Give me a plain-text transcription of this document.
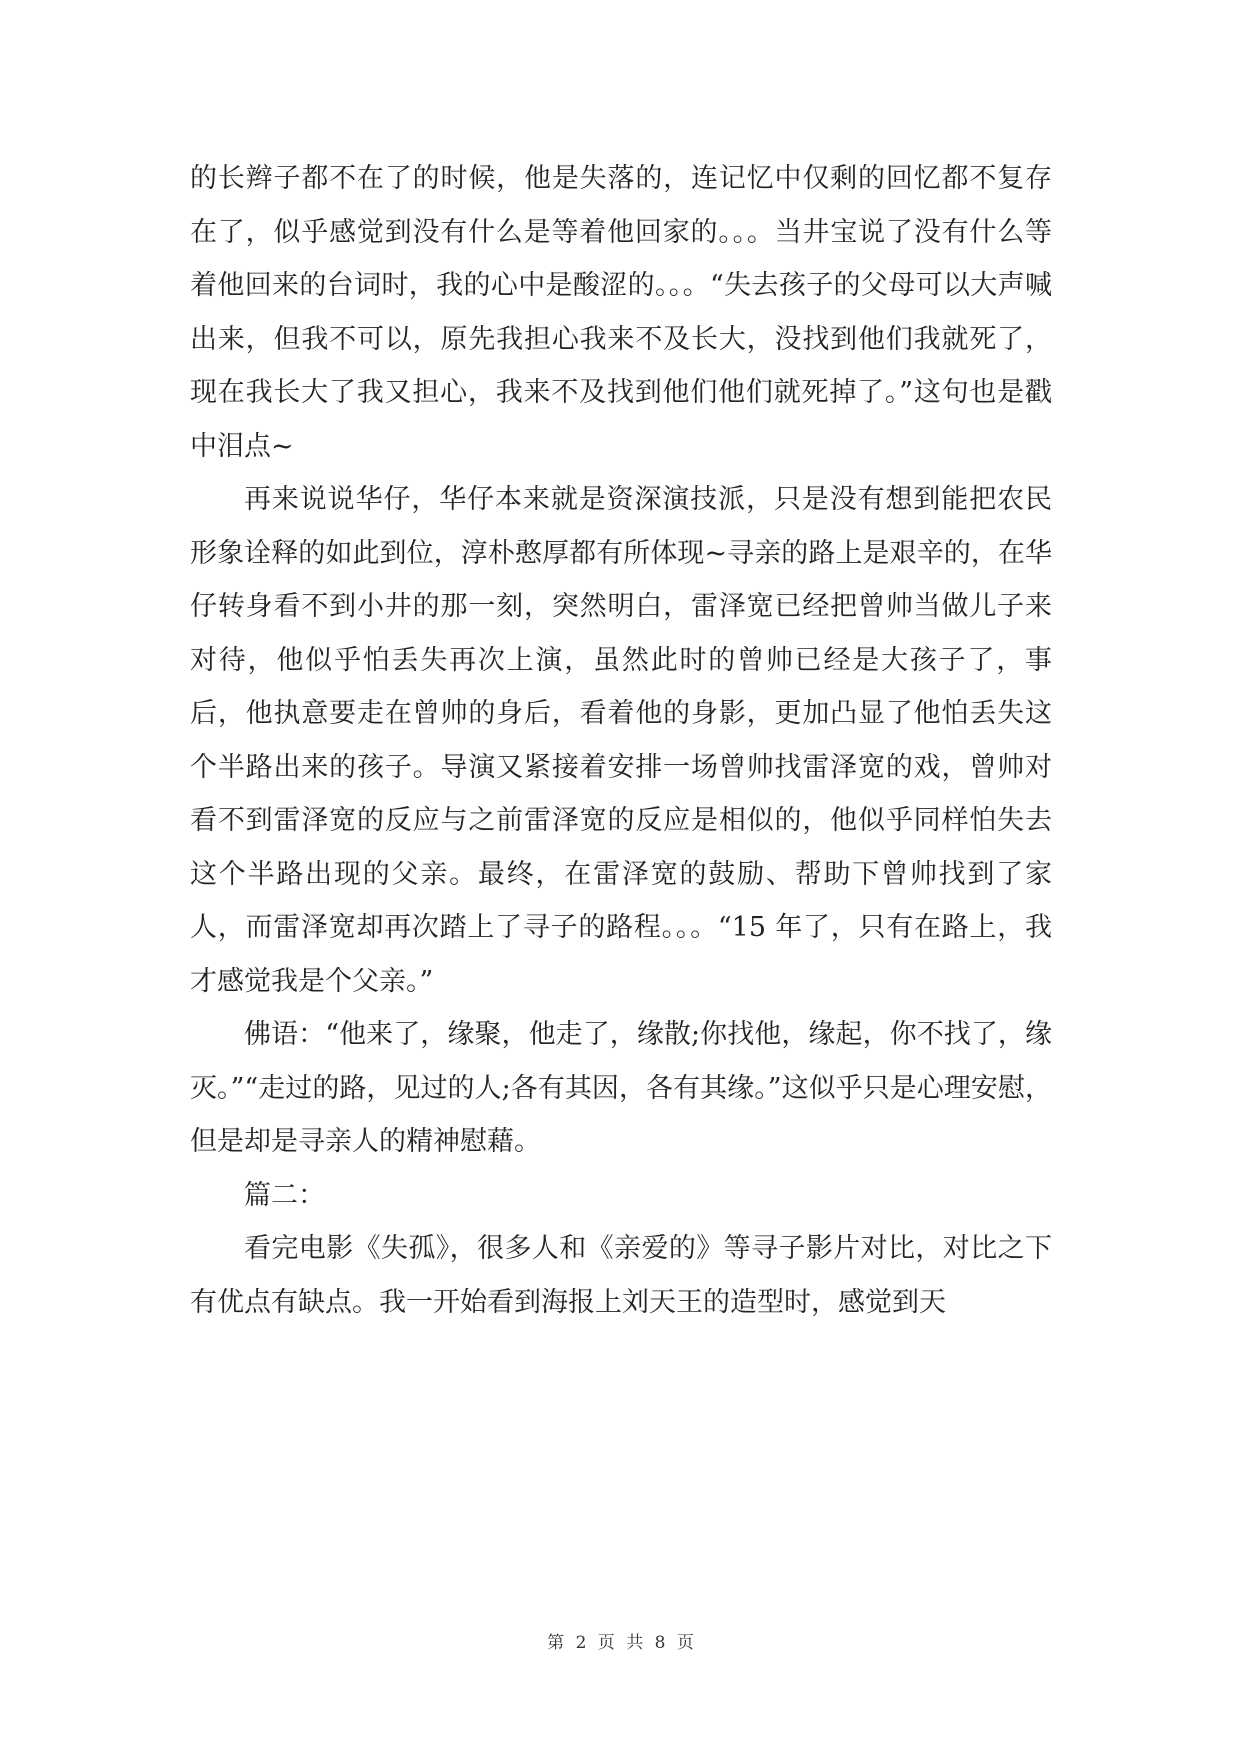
的长辫子都不在了的时候，他是失落的，连记忆中仅剩的回忆都不复存在了，似乎感觉到没有什么是等着他回家的。。。当井宝说了没有什么等着他回来的台词时，我的心中是酸涩的。。。“失去孩子的父母可以大声喊出来，但我不可以，原先我担心我来不及长大，没找到他们我就死了，现在我长大了我又担心，我来不及找到他们他们就死掉了。”这句也是戳中泪点~

再来说说华仔，华仔本来就是资深演技派，只是没有想到能把农民形象诠释的如此到位，淳朴憨厚都有所体现~寻亲的路上是艰辛的，在华仔转身看不到小井的那一刻，突然明白，雷泽宽已经把曾帅当做儿子来对待，他似乎怕丢失再次上演，虽然此时的曾帅已经是大孩子了，事后，他执意要走在曾帅的身后，看着他的身影，更加凸显了他怕丢失这个半路出来的孩子。导演又紧接着安排一场曾帅找雷泽宽的戏，曾帅对看不到雷泽宽的反应与之前雷泽宽的反应是相似的，他似乎同样怕失去这个半路出现的父亲。最终，在雷泽宽的鼓励、帮助下曾帅找到了家人，而雷泽宽却再次踏上了寻子的路程。。。“15 年了，只有在路上，我才感觉我是个父亲。”

佛语：“他来了，缘聚，他走了，缘散;你找他，缘起，你不找了，缘灭。”“走过的路，见过的人;各有其因，各有其缘。”这似乎只是心理安慰，但是却是寻亲人的精神慰藉。

篇二：

看完电影《失孤》，很多人和《亲爱的》等寻子影片对比，对比之下有优点有缺点。我一开始看到海报上刘天王的造型时，感觉到天

第 2 页 共 8 页
